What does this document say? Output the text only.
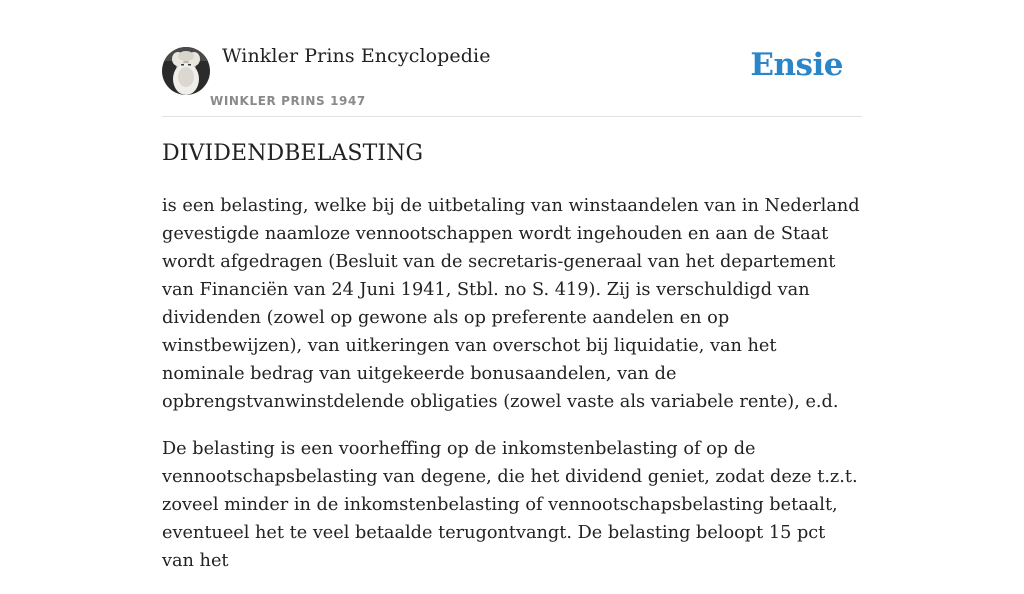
Winkler Prins Encyclopedie
WINKLER PRINS 1947
Ensie
DIVIDENDBELASTING

is een belasting, welke bij de uitbetaling van winstaandelen van in Nederland gevestigde naamloze vennootschappen wordt ingehouden en aan de Staat wordt afgedragen (Besluit van de secretaris-generaal van het departement van Financiën van 24 Juni 1941, Stbl. no S. 419). Zij is verschuldigd van dividenden (zowel op gewone als op preferente aandelen en op winstbewijzen), van uitkeringen van overschot bij liquidatie, van het nominale bedrag van uitgekeerde bonusaandelen, van de opbrengstvanwinstdelende obligaties (zowel vaste als variabele rente), e.d.

De belasting is een voorheffing op de inkomstenbelasting of op de vennootschapsbelasting van degene, die het dividend geniet, zodat deze t.z.t. zoveel minder in de inkomstenbelasting of vennootschapsbelasting betaalt, eventueel het te veel betaalde terugontvangt. De belasting beloopt 15 pct van het
